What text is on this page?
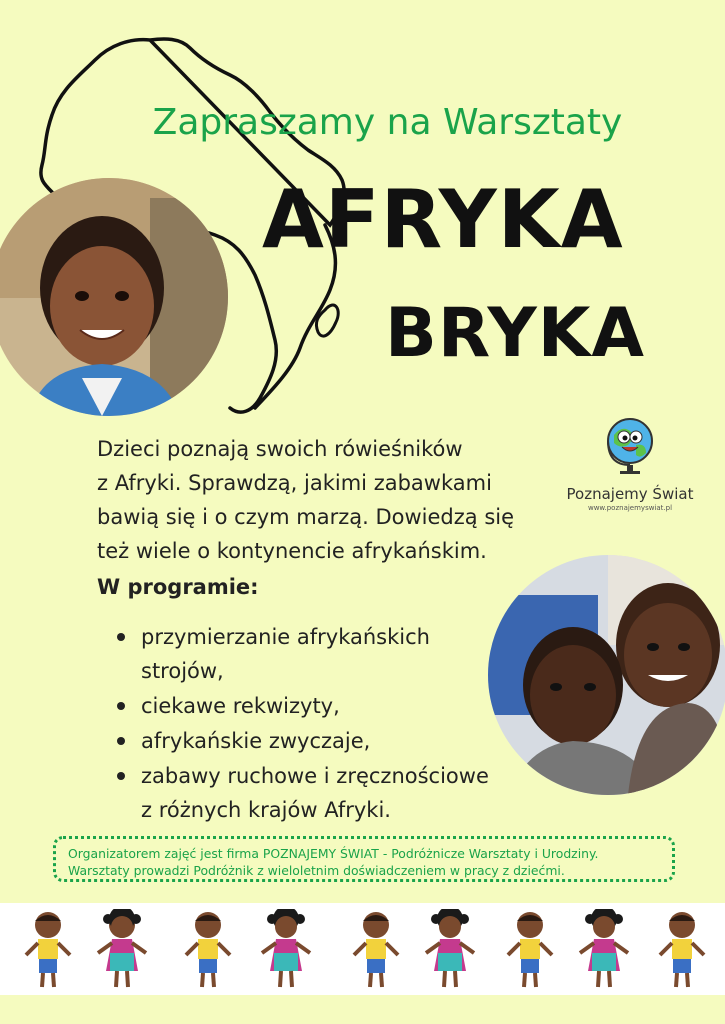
Zapraszamy na Warsztaty
AFRYKA
BRYKA
Dzieci poznają swoich rówieśników
z Afryki. Sprawdzą, jakimi zabawkami
bawią się i o czym marzą. Dowiedzą się
też wiele o kontynencie afrykańskim.
W programie:
przymierzanie afrykańskich
strojów,
ciekawe rekwizyty,
afrykańskie zwyczaje,
zabawy ruchowe i zręcznościowe
z różnych krajów Afryki.
Poznajemy Świat
www.poznajemyswiat.pl
Organizatorem zajęć jest firma POZNAJEMY ŚWIAT - Podróżnicze Warsztaty i Urodziny.
Warsztaty prowadzi Podróżnik z wieloletnim doświadczeniem w pracy z dziećmi.
